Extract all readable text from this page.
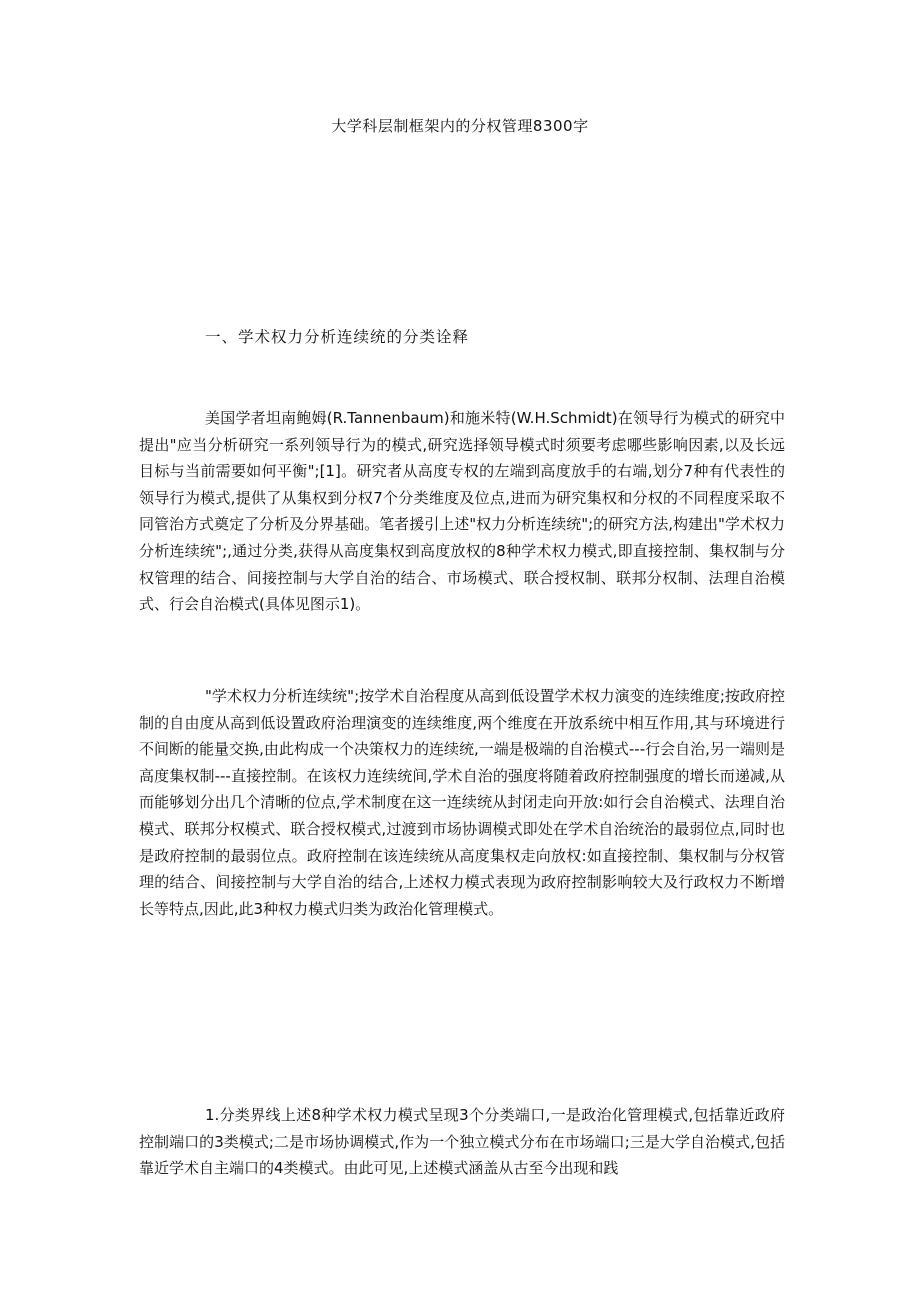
大学科层制框架内的分权管理8300字
一、学术权力分析连续统的分类诠释

美国学者坦南鲍姆(R.Tannenbaum)和施米特(W.H.Schmidt)在领导行为模式的研究中提出"应当分析研究一系列领导行为的模式,研究选择领导模式时须要考虑哪些影响因素,以及长远目标与当前需要如何平衡";[1]。研究者从高度专权的左端到高度放手的右端,划分7种有代表性的领导行为模式,提供了从集权到分权7个分类维度及位点,进而为研究集权和分权的不同程度采取不同管治方式奠定了分析及分界基础。笔者援引上述"权力分析连续统";的研究方法,构建出"学术权力分析连续统";,通过分类,获得从高度集权到高度放权的8种学术权力模式,即直接控制、集权制与分权管理的结合、间接控制与大学自治的结合、市场模式、联合授权制、联邦分权制、法理自治模式、行会自治模式(具体见图示1)。

"学术权力分析连续统";按学术自治程度从高到低设置学术权力演变的连续维度;按政府控制的自由度从高到低设置政府治理演变的连续维度,两个维度在开放系统中相互作用,其与环境进行不间断的能量交换,由此构成一个决策权力的连续统,一端是极端的自治模式---行会自治,另一端则是高度集权制---直接控制。在该权力连续统间,学术自治的强度将随着政府控制强度的增长而递减,从而能够划分出几个清晰的位点,学术制度在这一连续统从封闭走向开放:如行会自治模式、法理自治模式、联邦分权模式、联合授权模式,过渡到市场协调模式即处在学术自治统治的最弱位点,同时也是政府控制的最弱位点。政府控制在该连续统从高度集权走向放权:如直接控制、集权制与分权管理的结合、间接控制与大学自治的结合,上述权力模式表现为政府控制影响较大及行政权力不断增长等特点,因此,此3种权力模式归类为政治化管理模式。

1.分类界线上述8种学术权力模式呈现3个分类端口,一是政治化管理模式,包括靠近政府控制端口的3类模式;二是市场协调模式,作为一个独立模式分布在市场端口;三是大学自治模式,包括靠近学术自主端口的4类模式。由此可见,上述模式涵盖从古至今出现和践
